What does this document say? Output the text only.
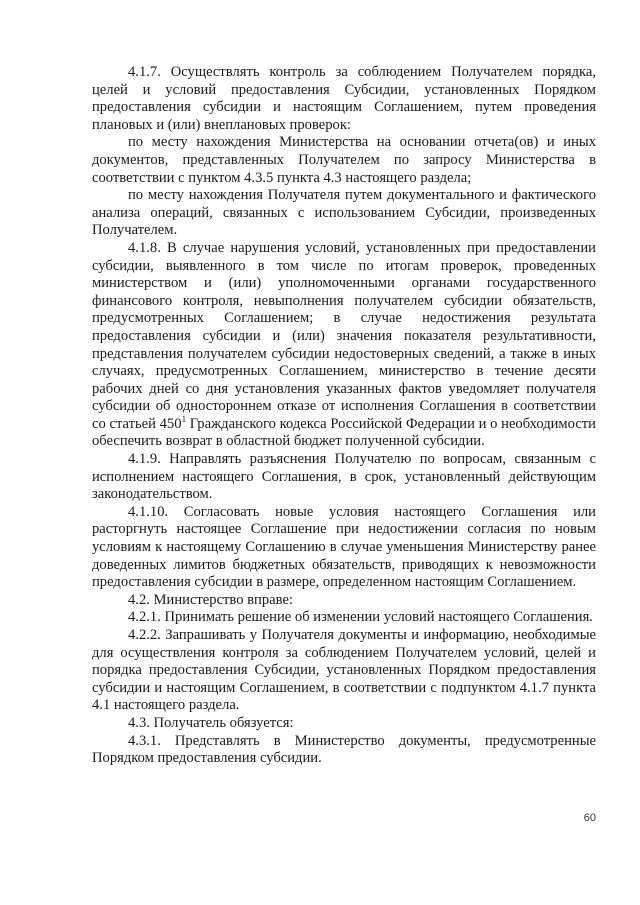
4.1.7. Осуществлять контроль за соблюдением Получателем порядка, целей и условий предоставления Субсидии, установленных Порядком предоставления субсидии и настоящим Соглашением, путем проведения плановых и (или) внеплановых проверок:

по месту нахождения Министерства на основании отчета(ов) и иных документов, представленных Получателем по запросу Министерства в соответствии с пунктом 4.3.5 пункта 4.3 настоящего раздела;

по месту нахождения Получателя путем документального и фактического анализа операций, связанных с использованием Субсидии, произведенных Получателем.

4.1.8. В случае нарушения условий, установленных при предоставлении субсидии, выявленного в том числе по итогам проверок, проведенных министерством и (или) уполномоченными органами государственного финансового контроля, невыполнения получателем субсидии обязательств, предусмотренных Соглашением; в случае недостижения результата предоставления субсидии и (или) значения показателя результативности, представления получателем субсидии недостоверных сведений, а также в иных случаях, предусмотренных Соглашением, министерство в течение десяти рабочих дней со дня установления указанных фактов уведомляет получателя субсидии об одностороннем отказе от исполнения Соглашения в соответствии со статьей $450^1$ Гражданского кодекса Российской Федерации и о необходимости обеспечить возврат в областной бюджет полученной субсидии.

4.1.9. Направлять разъяснения Получателю по вопросам, связанным с исполнением настоящего Соглашения, в срок, установленный действующим законодательством.

4.1.10. Согласовать новые условия настоящего Соглашения или расторгнуть настоящее Соглашение при недостижении согласия по новым условиям к настоящему Соглашению в случае уменьшения Министерству ранее доведенных лимитов бюджетных обязательств, приводящих к невозможности предоставления субсидии в размере, определенном настоящим Соглашением.

4.2. Министерство вправе:

4.2.1. Принимать решение об изменении условий настоящего Соглашения.

4.2.2. Запрашивать у Получателя документы и информацию, необходимые для осуществления контроля за соблюдением Получателем условий, целей и порядка предоставления Субсидии, установленных Порядком предоставления субсидии и настоящим Соглашением, в соответствии с подпунктом 4.1.7 пункта 4.1 настоящего раздела.

4.3. Получатель обязуется:

4.3.1. Представлять в Министерство документы, предусмотренные Порядком предоставления субсидии.

60
